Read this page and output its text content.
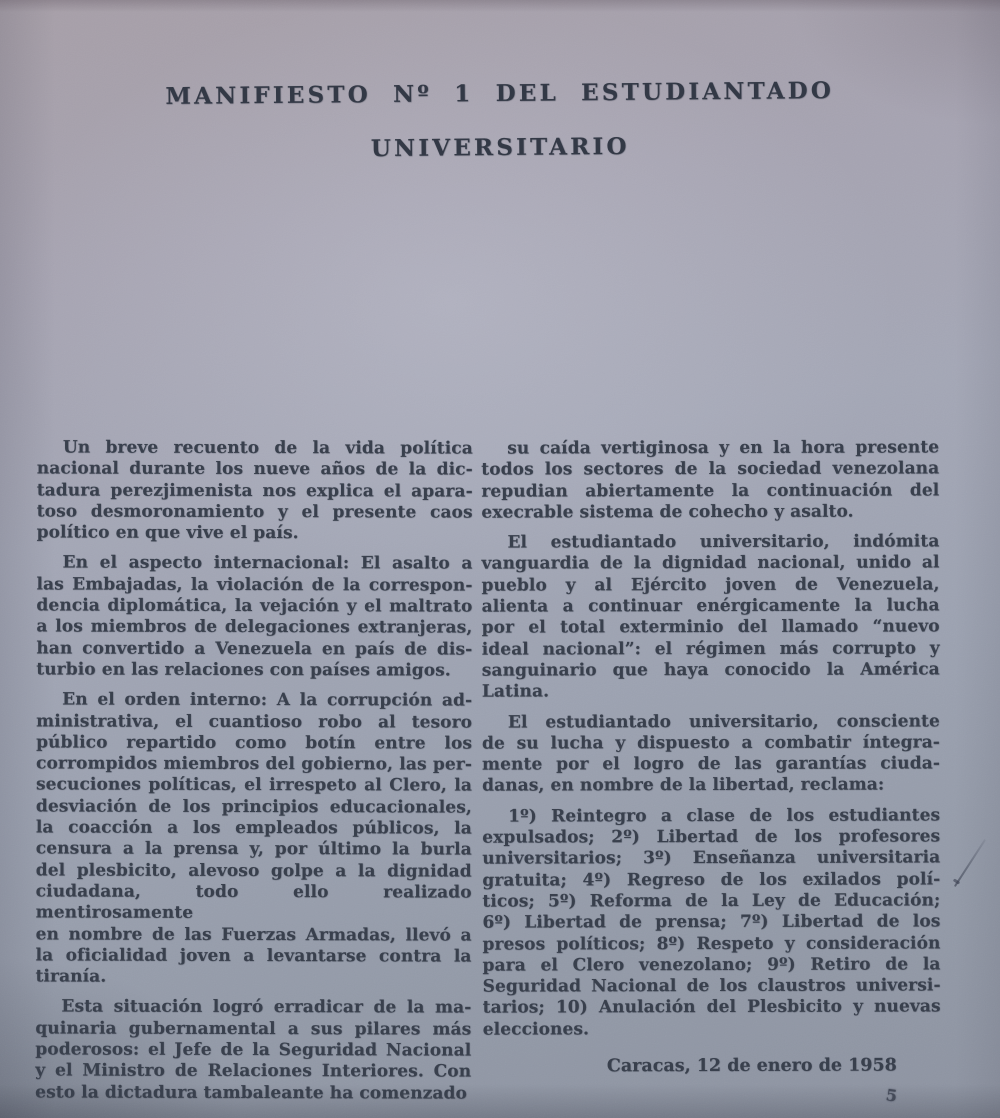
MANIFIESTO Nº 1 DEL ESTUDIANTADO
UNIVERSITARIO

Un breve recuento de la vida política
nacional durante los nueve años de la dic-
tadura perezjimenista nos explica el apara-
toso desmoronamiento y el presente caos
político en que vive el país.

En el aspecto internacional: El asalto a
las Embajadas, la violación de la correspon-
dencia diplomática, la vejación y el maltrato
a los miembros de delegaciones extranjeras,
han convertido a Venezuela en país de dis-
turbio en las relaciones con países amigos.

En el orden interno: A la corrupción ad-
ministrativa, el cuantioso robo al tesoro
público repartido como botín entre los
corrompidos miembros del gobierno, las per-
secuciones políticas, el irrespeto al Clero, la
desviación de los principios educacionales,
la coacción a los empleados públicos, la
censura a la prensa y, por último la burla
del plesbicito, alevoso golpe a la dignidad
ciudadana, todo ello realizado mentirosamente
en nombre de las Fuerzas Armadas, llevó a
la oficialidad joven a levantarse contra la
tiranía.

Esta situación logró erradicar de la ma-
quinaria gubernamental a sus pilares más
poderosos: el Jefe de la Seguridad Nacional
y el Ministro de Relaciones Interiores. Con
esto la dictadura tambaleante ha comenzado

su caída vertiginosa y en la hora presente
todos los sectores de la sociedad venezolana
repudian abiertamente la continuación del
execrable sistema de cohecho y asalto.

El estudiantado universitario, indómita
vanguardia de la dignidad nacional, unido al
pueblo y al Ejército joven de Venezuela,
alienta a continuar enérgicamente la lucha
por el total exterminio del llamado “nuevo
ideal nacional”: el régimen más corrupto y
sanguinario que haya conocido la América
Latina.

El estudiantado universitario, consciente
de su lucha y dispuesto a combatir íntegra-
mente por el logro de las garantías ciuda-
danas, en nombre de la libertad, reclama:

1º) Reintegro a clase de los estudiantes
expulsados; 2º) Libertad de los profesores
universitarios; 3º) Enseñanza universitaria
gratuita; 4º) Regreso de los exilados polí-
ticos; 5º) Reforma de la Ley de Educación;
6º) Libertad de prensa; 7º) Libertad de los
presos políticos; 8º) Respeto y consideración
para el Clero venezolano; 9º) Retiro de la
Seguridad Nacional de los claustros universi-
tarios; 10) Anulación del Plesbicito y nuevas
elecciones.

Caracas, 12 de enero de 1958
5
